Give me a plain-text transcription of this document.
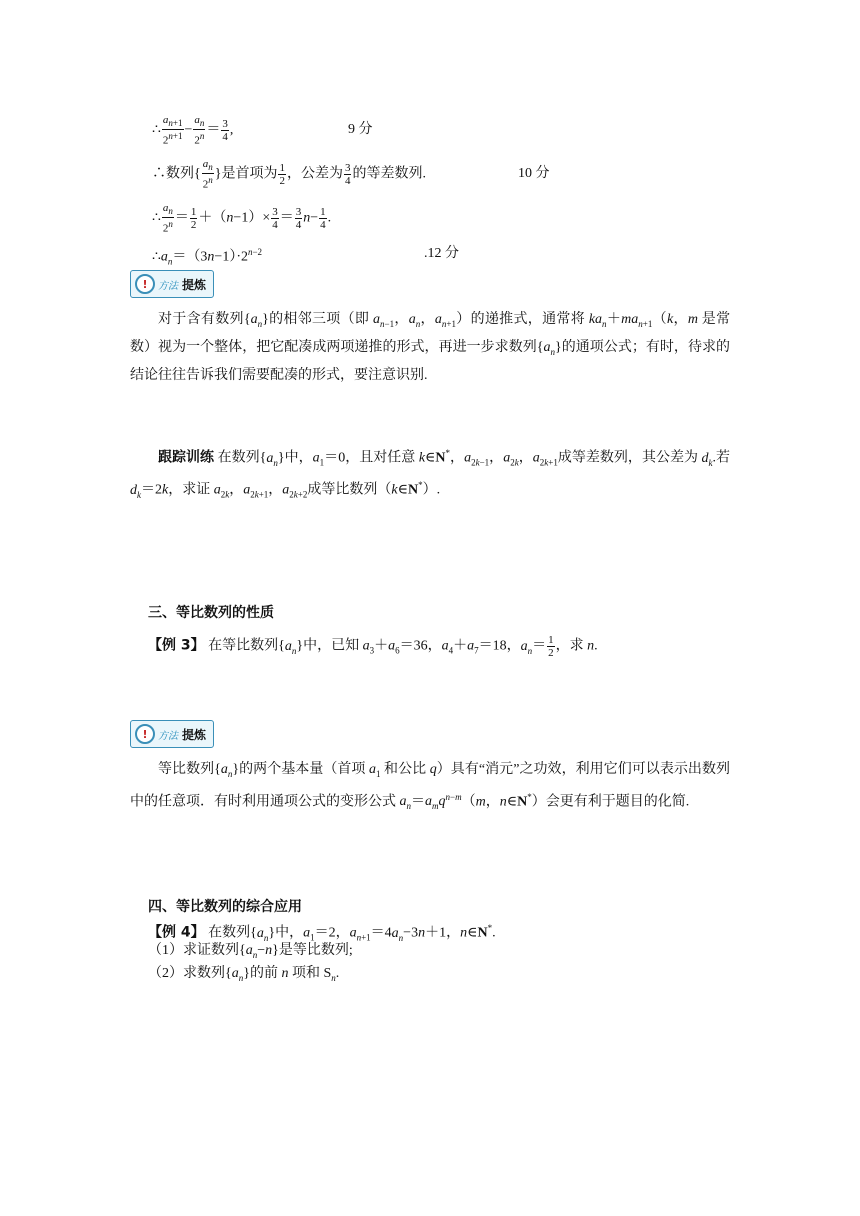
∴ $\frac{a_{n+1}}{2^{n+1}} - \frac{a_n}{2^n} = \frac{3}{4}$ ,	9 分
∴数列{ $\frac{a_n}{2^n}$ }是首项为 $\frac{1}{2}$ ，公差为 $\frac{3}{4}$ 的等差数列.	10 分
∴ $\frac{a_n}{2^n} = \frac{1}{2} +(n-1)\times \frac{3}{4} = \frac{3}{4} n- \frac{1}{4}$ .
$\therefore a_n=(3n-1)\cdot 2^{n-2}$	.12 分
!	方法 提炼
对于含有数列$\{a_n\}$的相邻三项（即 $a_{n-1}$，$a_n$，$a_{n+1}$）的递推式，通常将 $ka_n+ma_{n+1}(k$，m 是常数）视为一个整体，把它配凑成两项递推的形式，再进一步求数列$\{a_n\}$的通项公式；有时，待求的结论往往告诉我们需要配凑的形式，要注意识别.
跟踪训练 在数列$\{a_n\}$中，$a_1=0$，且对任意 k∈N*，$a_{2k-1}$，$a_{2k}$，$a_{2k+1}$成等差数列，其公差为 $d_k$.若 $d_k=2k$，求证 $a_{2k}$，$a_{2k+1}$，$a_{2k+2}$成等比数列（k∈N*）.
三、等比数列的性质
【例 3】 在等比数列$\{a_n\}$中，已知 $a_3+a_6=36$，$a_4+a_7=18$，$a_n= \frac{1}{2}$ ，求 n.
!	方法 提炼
等比数列$\{a_n\}$的两个基本量（首项 $a_1$ 和公比 q）具有“消元”之功效，利用它们可以表示出数列中的任意项．有时利用通项公式的变形公式 $a_n=a_mq^{n-m}(m$，n∈N*）会更有利于题目的化简.
四、等比数列的综合应用
【例 4】 在数列$\{a_n\}$中，$a_1=2$，$a_{n+1}=4a_n-3n+1$，n∈N*.
（1）求证数列$\{a_n-n\}$是等比数列;
（2）求数列$\{a_n\}$的前 n 项和 $S_n$.
